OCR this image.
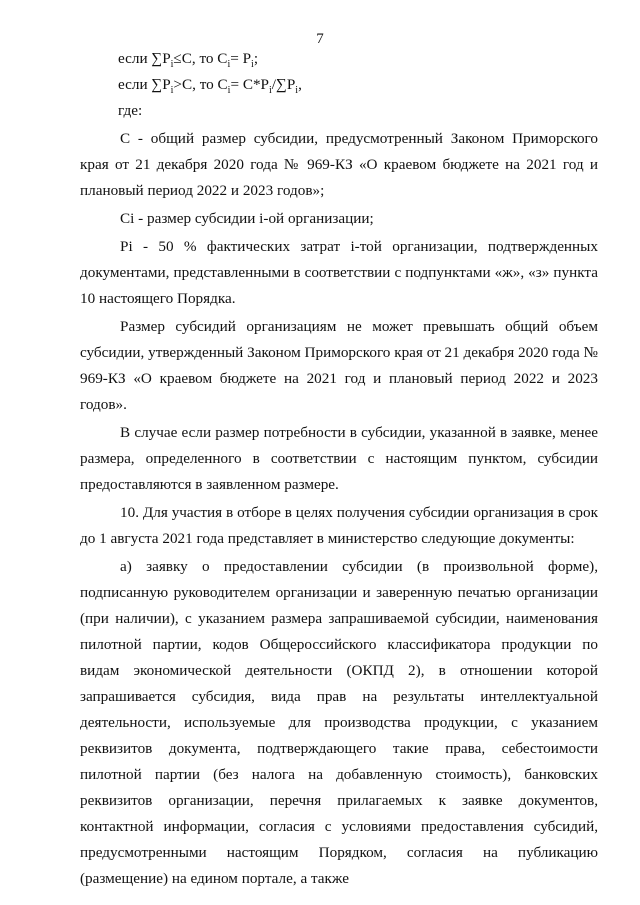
7

если $\sum P_i\le C$, то $C_i= P_i$;

если $\sum P_i>C$, то $C_i= C*P_i/\sum P_i$,

где:

С - общий размер субсидии, предусмотренный Законом Приморского края от 21 декабря 2020 года № 969-КЗ «О краевом бюджете на 2021 год и плановый период 2022 и 2023 годов»;

Ci - размер субсидии i-ой организации;

Pi - 50 % фактических затрат i-той организации, подтвержденных документами, представленными в соответствии с подпунктами «ж», «з» пункта 10 настоящего Порядка.

Размер субсидий организациям не может превышать общий объем субсидии, утвержденный Законом Приморского края от 21 декабря 2020 года № 969-КЗ «О краевом бюджете на 2021 год и плановый период 2022 и 2023 годов».

В случае если размер потребности в субсидии, указанной в заявке, менее размера, определенного в соответствии с настоящим пунктом, субсидии предоставляются в заявленном размере.

10. Для участия в отборе в целях получения субсидии организация в срок до 1 августа 2021 года представляет в министерство следующие документы:

а) заявку о предоставлении субсидии (в произвольной форме), подписанную руководителем организации и заверенную печатью организации (при наличии), с указанием размера запрашиваемой субсидии, наименования пилотной партии, кодов Общероссийского классификатора продукции по видам экономической деятельности (ОКПД 2), в отношении которой запрашивается субсидия, вида прав на результаты интеллектуальной деятельности, используемые для производства продукции, с указанием реквизитов документа, подтверждающего такие права, себестоимости пилотной партии (без налога на добавленную стоимость), банковских реквизитов организации, перечня прилагаемых к заявке документов, контактной информации, согласия с условиями предоставления субсидий, предусмотренными настоящим Порядком, согласия на публикацию (размещение) на едином портале, а также
